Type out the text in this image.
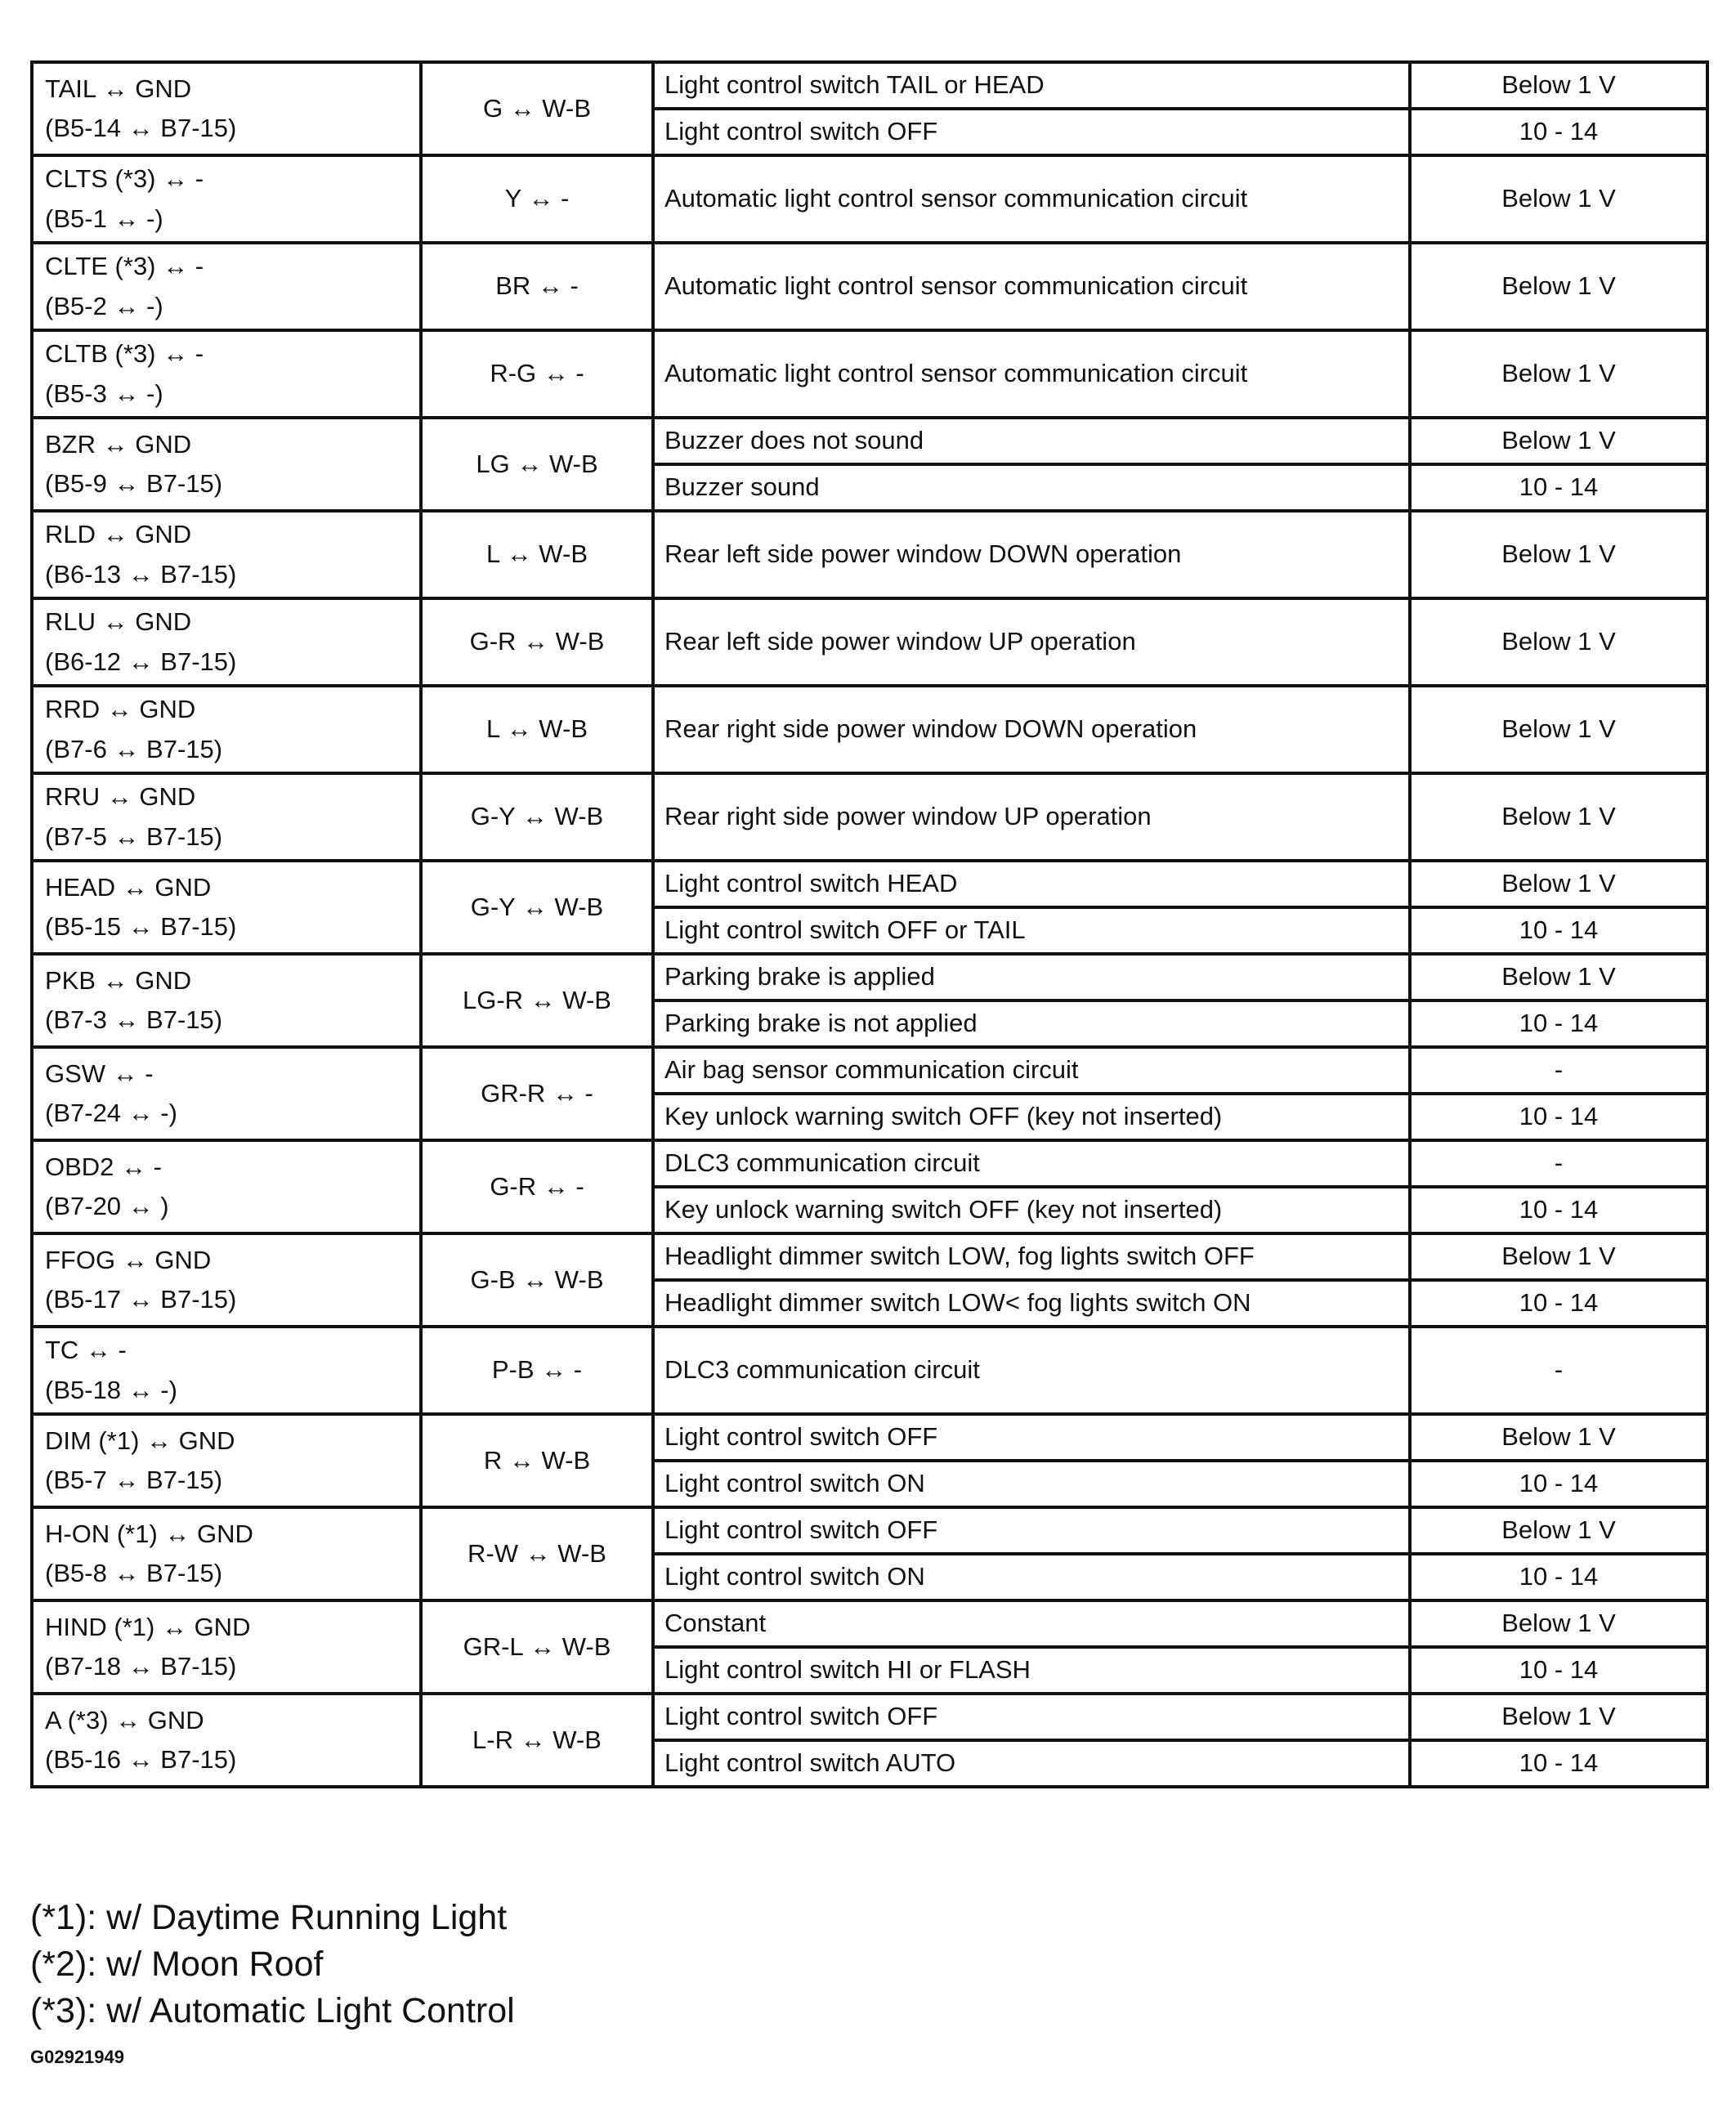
TAIL ↔ GND
(B5-14 ↔ B7-15)	G ↔ W-B	Light control switch TAIL or HEAD	Below 1 V
		Light control switch OFF	10 - 14

CLTS (*3) ↔ -
(B5-1 ↔ -)	Y ↔ -	Automatic light control sensor communication circuit	Below 1 V

CLTE (*3) ↔ -
(B5-2 ↔ -)	BR ↔ -	Automatic light control sensor communication circuit	Below 1 V

CLTB (*3) ↔ -
(B5-3 ↔ -)	R-G ↔ -	Automatic light control sensor communication circuit	Below 1 V

BZR ↔ GND
(B5-9 ↔ B7-15)	LG ↔ W-B	Buzzer does not sound	Below 1 V
		Buzzer sound	10 - 14

RLD ↔ GND
(B6-13 ↔ B7-15)	L ↔ W-B	Rear left side power window DOWN operation	Below 1 V

RLU ↔ GND
(B6-12 ↔ B7-15)	G-R ↔ W-B	Rear left side power window UP operation	Below 1 V

RRD ↔ GND
(B7-6 ↔ B7-15)	L ↔ W-B	Rear right side power window DOWN operation	Below 1 V

RRU ↔ GND
(B7-5 ↔ B7-15)	G-Y ↔ W-B	Rear right side power window UP operation	Below 1 V

HEAD ↔ GND
(B5-15 ↔ B7-15)	G-Y ↔ W-B	Light control switch HEAD	Below 1 V
		Light control switch OFF or TAIL	10 - 14

PKB ↔ GND
(B7-3 ↔ B7-15)	LG-R ↔ W-B	Parking brake is applied	Below 1 V
		Parking brake is not applied	10 - 14

GSW ↔ -
(B7-24 ↔ -)	GR-R ↔ -	Air bag sensor communication circuit	-
		Key unlock warning switch OFF (key not inserted)	10 - 14

OBD2 ↔ -
(B7-20 ↔ )	G-R ↔ -	DLC3 communication circuit	-
		Key unlock warning switch OFF (key not inserted)	10 - 14

FFOG ↔ GND
(B5-17 ↔ B7-15)	G-B ↔ W-B	Headlight dimmer switch LOW, fog lights switch OFF	Below 1 V
		Headlight dimmer switch LOW< fog lights switch ON	10 - 14

TC ↔ -
(B5-18 ↔ -)	P-B ↔ -	DLC3 communication circuit	-

DIM (*1) ↔ GND
(B5-7 ↔ B7-15)	R ↔ W-B	Light control switch OFF	Below 1 V
		Light control switch ON	10 - 14

H-ON (*1) ↔ GND
(B5-8 ↔ B7-15)	R-W ↔ W-B	Light control switch OFF	Below 1 V
		Light control switch ON	10 - 14

HIND (*1) ↔ GND
(B7-18 ↔ B7-15)	GR-L ↔ W-B	Constant	Below 1 V
		Light control switch HI or FLASH	10 - 14

A (*3) ↔ GND
(B5-16 ↔ B7-15)	L-R ↔ W-B	Light control switch OFF	Below 1 V
		Light control switch AUTO	10 - 14
(*1): w/ Daytime Running Light
(*2): w/ Moon Roof
(*3): w/ Automatic Light Control
G02921949
